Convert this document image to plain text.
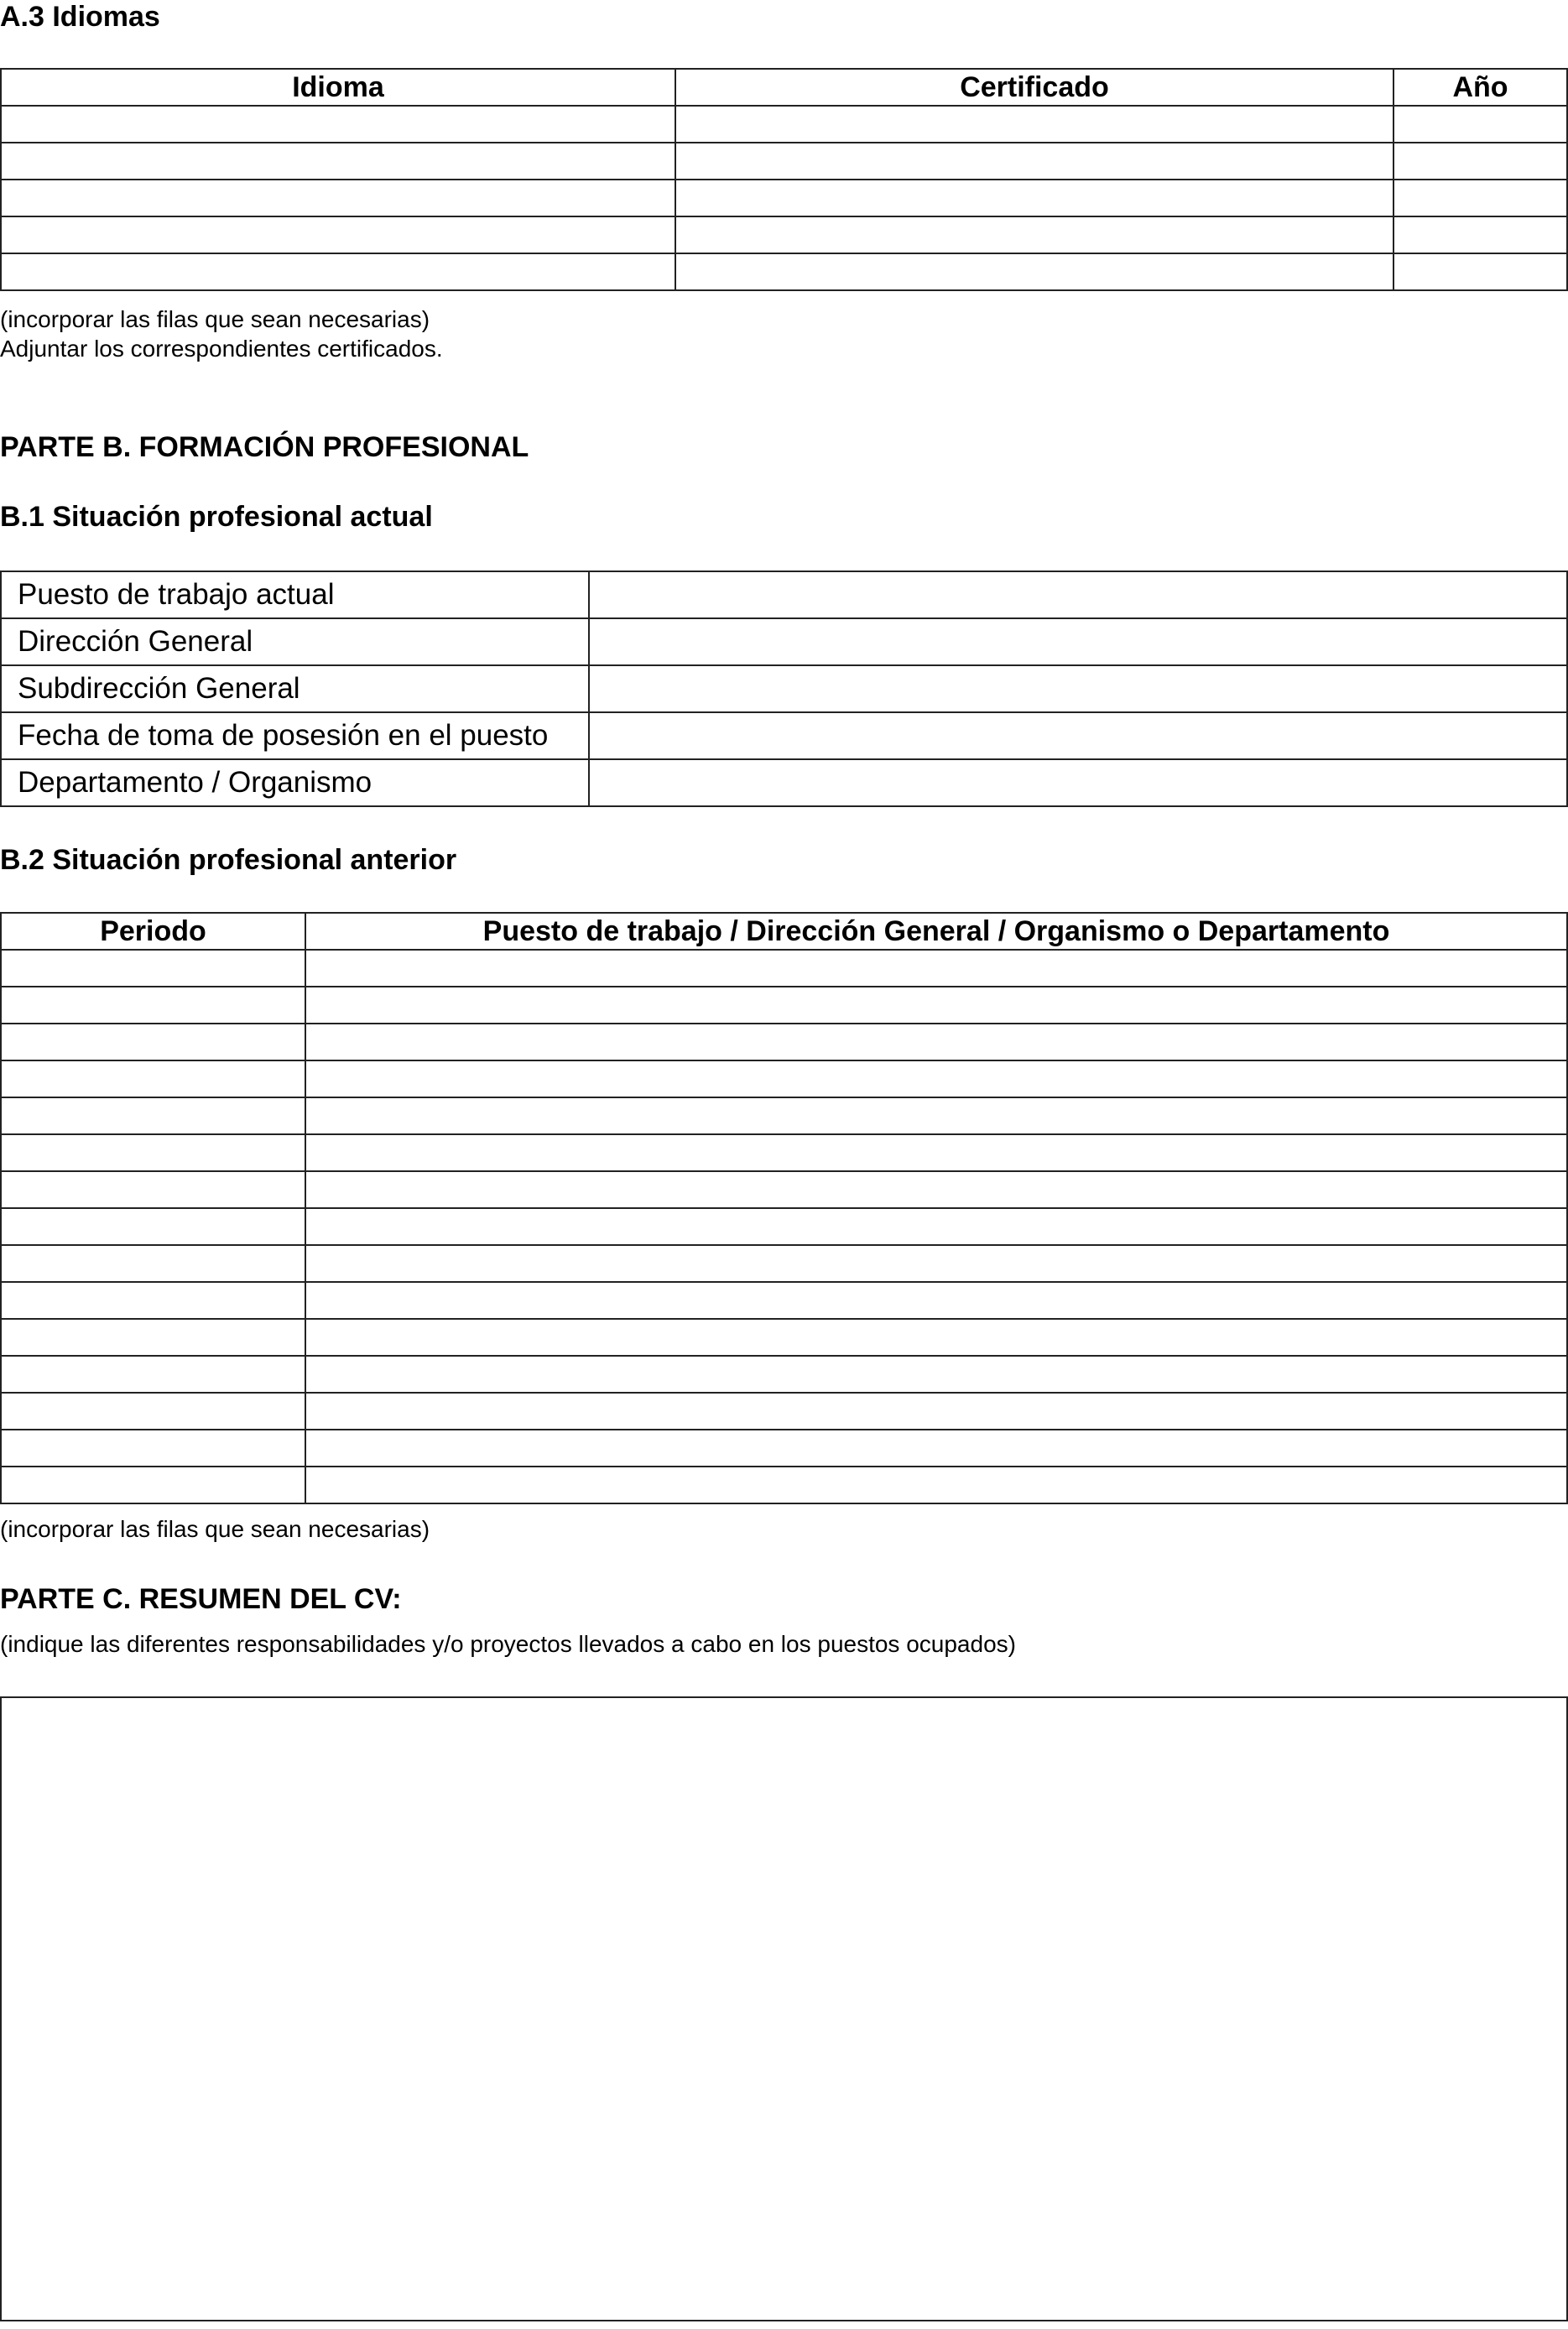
A.3 Idiomas
Idioma	Certificado	Año

(incorporar las filas que sean necesarias)
Adjuntar los correspondientes certificados.
PARTE B. FORMACIÓN PROFESIONAL
B.1 Situación profesional actual
Puesto de trabajo actual	
Dirección General	
Subdirección General	
Fecha de toma de posesión en el puesto	
Departamento / Organismo	
B.2 Situación profesional anterior
Periodo	Puesto de trabajo / Dirección General / Organismo o Departamento

(incorporar las filas que sean necesarias)
PARTE C. RESUMEN DEL CV:
(indique las diferentes responsabilidades y/o proyectos llevados a cabo en los puestos ocupados)
